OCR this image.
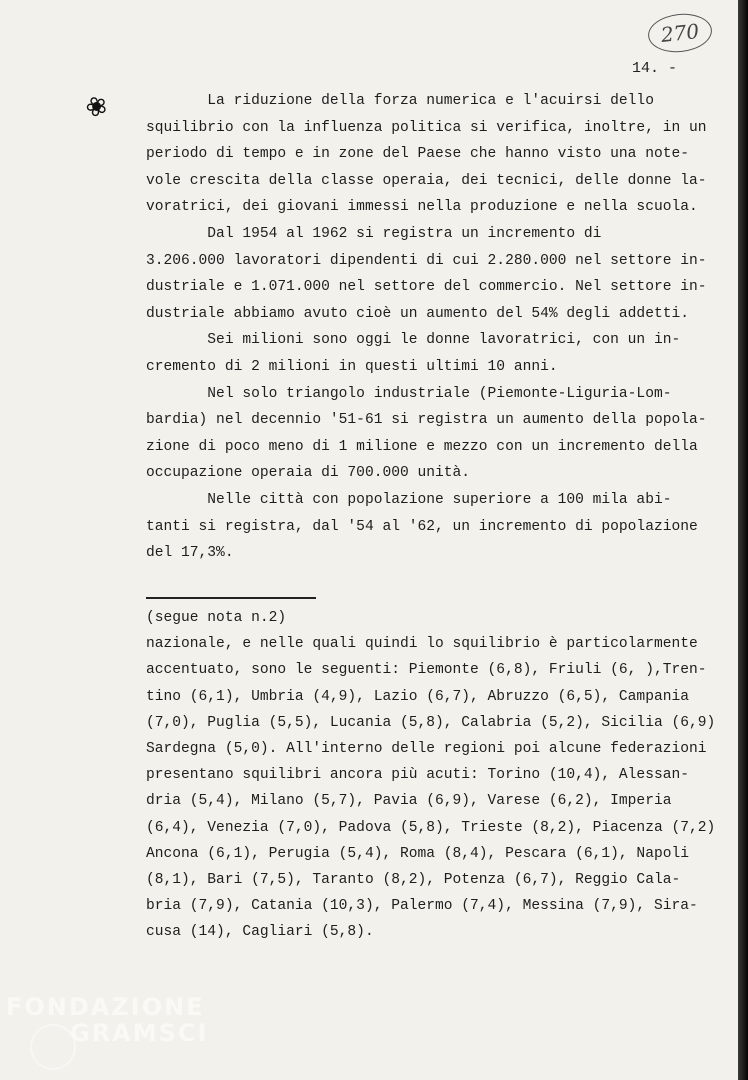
270
14. -
❀ La riduzione della forza numerica e l'acuirsi dello
squilibrio con la influenza politica si verifica, inoltre, in un
periodo di tempo e in zone del Paese che hanno visto una note-
vole crescita della classe operaia, dei tecnici, delle donne la-
voratrici, dei giovani immessi nella produzione e nella scuola.
Dal 1954 al 1962 si registra un incremento di
3.206.000 lavoratori dipendenti di cui 2.280.000 nel settore in-
dustriale e 1.071.000 nel settore del commercio. Nel settore in-
dustriale abbiamo avuto cioè un aumento del 54% degli addetti.
Sei milioni sono oggi le donne lavoratrici, con un in-
cremento di 2 milioni in questi ultimi 10 anni.
Nel solo triangolo industriale (Piemonte-Liguria-Lom-
bardia) nel decennio '51-61 si registra un aumento della popola-
zione di poco meno di 1 milione e mezzo con un incremento della
occupazione operaia di 700.000 unità.
Nelle città con popolazione superiore a 100 mila abi-
tanti si registra, dal '54 al '62, un incremento di popolazione
del 17,3%.
(segue nota n.2)
nazionale, e nelle quali quindi lo squilibrio è particolarmente
accentuato, sono le seguenti: Piemonte (6,8), Friuli (6, ),Tren-
tino (6,1), Umbria (4,9), Lazio (6,7), Abruzzo (6,5), Campania
(7,0), Puglia (5,5), Lucania (5,8), Calabria (5,2), Sicilia (6,9)
Sardegna (5,0). All'interno delle regioni poi alcune federazioni
presentano squilibri ancora più acuti: Torino (10,4), Alessan-
dria (5,4), Milano (5,7), Pavia (6,9), Varese (6,2), Imperia
(6,4), Venezia (7,0), Padova (5,8), Trieste (8,2), Piacenza (7,2)
Ancona (6,1), Perugia (5,4), Roma (8,4), Pescara (6,1), Napoli
(8,1), Bari (7,5), Taranto (8,2), Potenza (6,7), Reggio Cala-
bria (7,9), Catania (10,3), Palermo (7,4), Messina (7,9), Sira-
cusa (14), Cagliari (5,8).
FONDAZIONE
GRAMSCI
